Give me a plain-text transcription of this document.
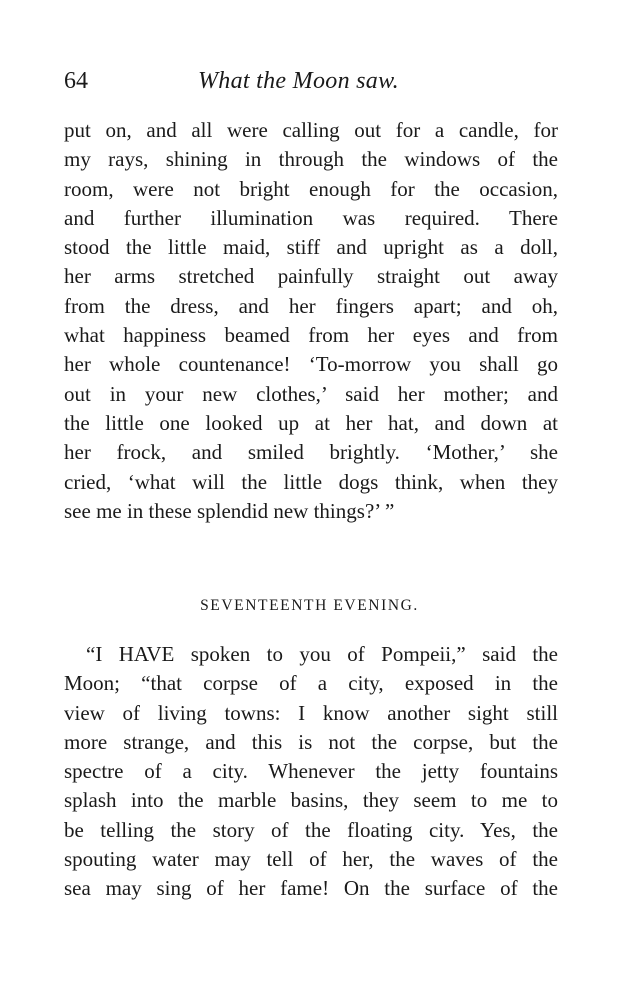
64	What the Moon saw.
put on, and all were calling out for a candle, for
my rays, shining in through the windows of the
room, were not bright enough for the occasion,
and further illumination was required. There
stood the little maid, stiff and upright as a doll,
her arms stretched painfully straight out away
from the dress, and her fingers apart; and oh,
what happiness beamed from her eyes and from
her whole countenance! ‘To-morrow you shall go
out in your new clothes,’ said her mother; and
the little one looked up at her hat, and down at
her frock, and smiled brightly. ‘Mother,’ she
cried, ‘what will the little dogs think, when they
see me in these splendid new things?’ ”
SEVENTEENTH EVENING.
“I HAVE spoken to you of Pompeii,” said the
Moon; “that corpse of a city, exposed in the
view of living towns: I know another sight still
more strange, and this is not the corpse, but the
spectre of a city. Whenever the jetty fountains
splash into the marble basins, they seem to me to
be telling the story of the floating city. Yes, the
spouting water may tell of her, the waves of the
sea may sing of her fame! On the surface of the
